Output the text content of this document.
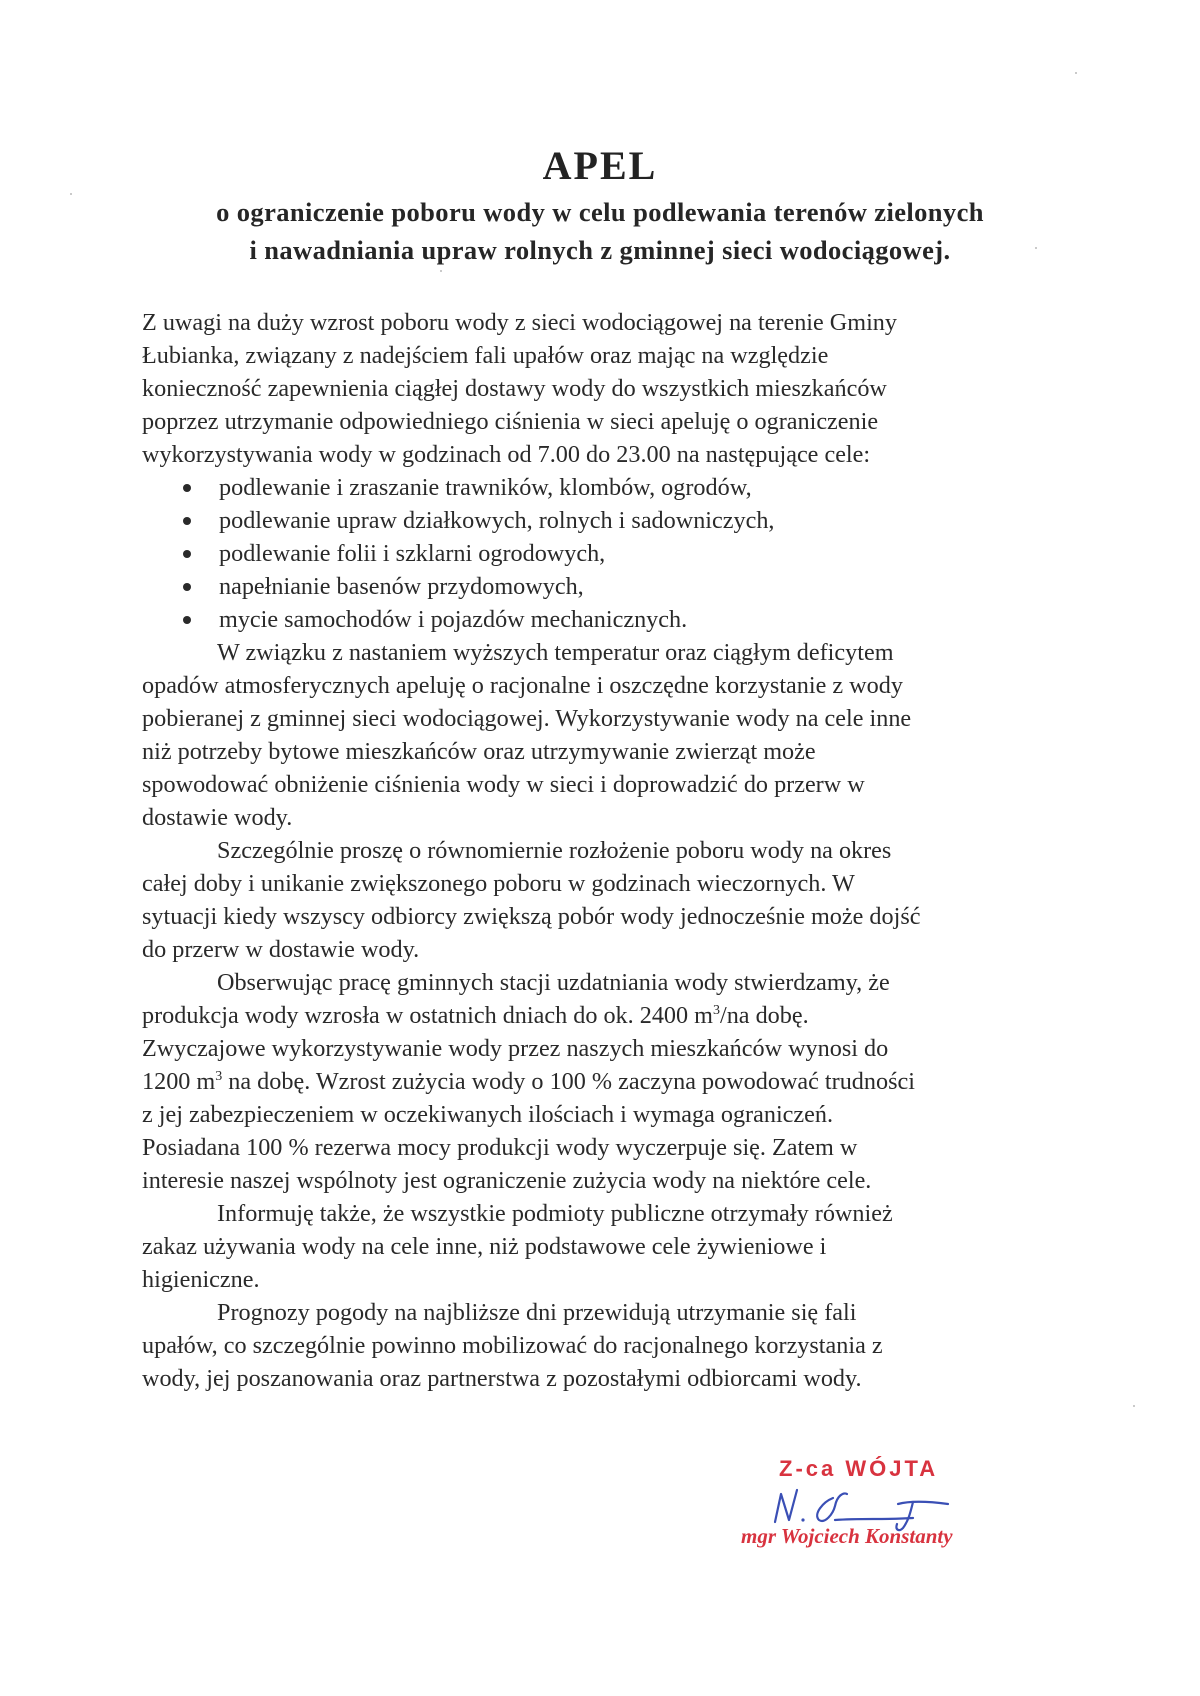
APEL
o ograniczenie poboru wody w celu podlewania terenów zielonych
i nawadniania upraw rolnych z gminnej sieci wodociągowej.
Z uwagi na duży wzrost poboru wody z sieci wodociągowej na terenie Gminy
Łubianka, związany z nadejściem fali upałów oraz mając na względzie
konieczność zapewnienia ciągłej dostawy wody do wszystkich mieszkańców
poprzez utrzymanie odpowiedniego ciśnienia w sieci apeluję o ograniczenie
wykorzystywania wody w godzinach od 7.00 do 23.00 na następujące cele:
podlewanie i zraszanie trawników, klombów, ogrodów,
podlewanie upraw działkowych, rolnych i sadowniczych,
podlewanie folii i szklarni ogrodowych,
napełnianie basenów przydomowych,
mycie samochodów i pojazdów mechanicznych.
W związku z nastaniem wyższych temperatur oraz ciągłym deficytem
opadów atmosferycznych apeluję o racjonalne i oszczędne korzystanie z wody
pobieranej z gminnej sieci wodociągowej. Wykorzystywanie wody na cele inne
niż potrzeby bytowe mieszkańców oraz utrzymywanie zwierząt może
spowodować obniżenie ciśnienia wody w sieci i doprowadzić do przerw w
dostawie wody.
Szczególnie proszę o równomiernie rozłożenie poboru wody na okres
całej doby i unikanie zwiększonego poboru w godzinach wieczornych. W
sytuacji kiedy wszyscy odbiorcy zwiększą pobór wody jednocześnie może dojść
do przerw w dostawie wody.
Obserwując pracę gminnych stacji uzdatniania wody stwierdzamy, że
produkcja wody wzrosła w ostatnich dniach do ok. 2400 $m^3/na$ dobę.
Zwyczajowe wykorzystywanie wody przez naszych mieszkańców wynosi do
1200 $m^3$ na dobę. Wzrost zużycia wody o 100 % zaczyna powodować trudności
z jej zabezpieczeniem w oczekiwanych ilościach i wymaga ograniczeń.
Posiadana 100 % rezerwa mocy produkcji wody wyczerpuje się. Zatem w
interesie naszej wspólnoty jest ograniczenie zużycia wody na niektóre cele.
Informuję także, że wszystkie podmioty publiczne otrzymały również
zakaz używania wody na cele inne, niż podstawowe cele żywieniowe i
higieniczne.
Prognozy pogody na najbliższe dni przewidują utrzymanie się fali
upałów, co szczególnie powinno mobilizować do racjonalnego korzystania z
wody, jej poszanowania oraz partnerstwa z pozostałymi odbiorcami wody.
Z-ca WÓJTA
mgr Wojciech Konstanty
